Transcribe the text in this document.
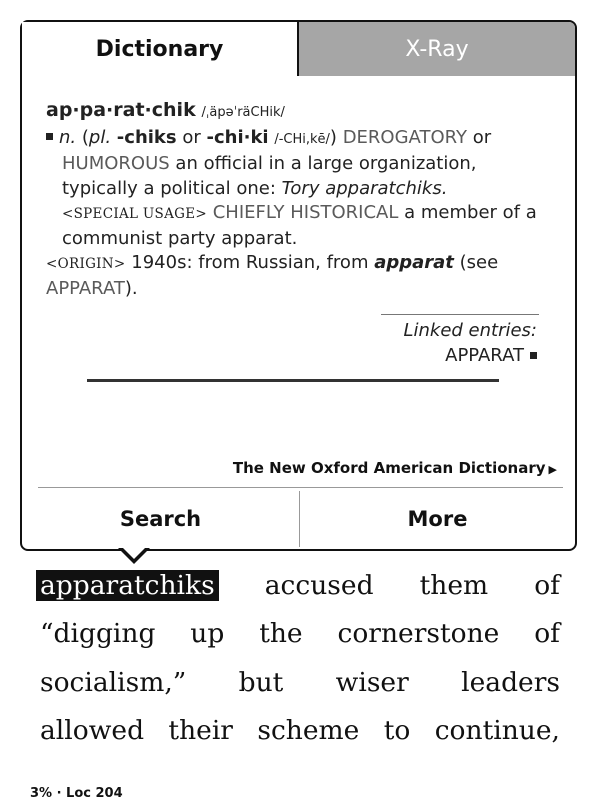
Dictionary	X-Ray
ap·pa·rat·chik /ˌäpəˈräCHik/
n. (pl. -chiks or -chi·ki /-CHi,kē/) DEROGATORY or
HUMOROUS an official in a large organization,
typically a political one: Tory apparatchiks.
<SPECIAL USAGE> CHIEFLY HISTORICAL a member of a
communist party apparat.
<ORIGIN> 1940s: from Russian, from apparat (see
APPARAT).
Linked entries:
APPARAT
The New Oxford American Dictionary ▶
Search	More
apparatchiks accused them of
“digging up the cornerstone of
socialism,” but wiser leaders
allowed their scheme to continue,
3% · Loc 204
